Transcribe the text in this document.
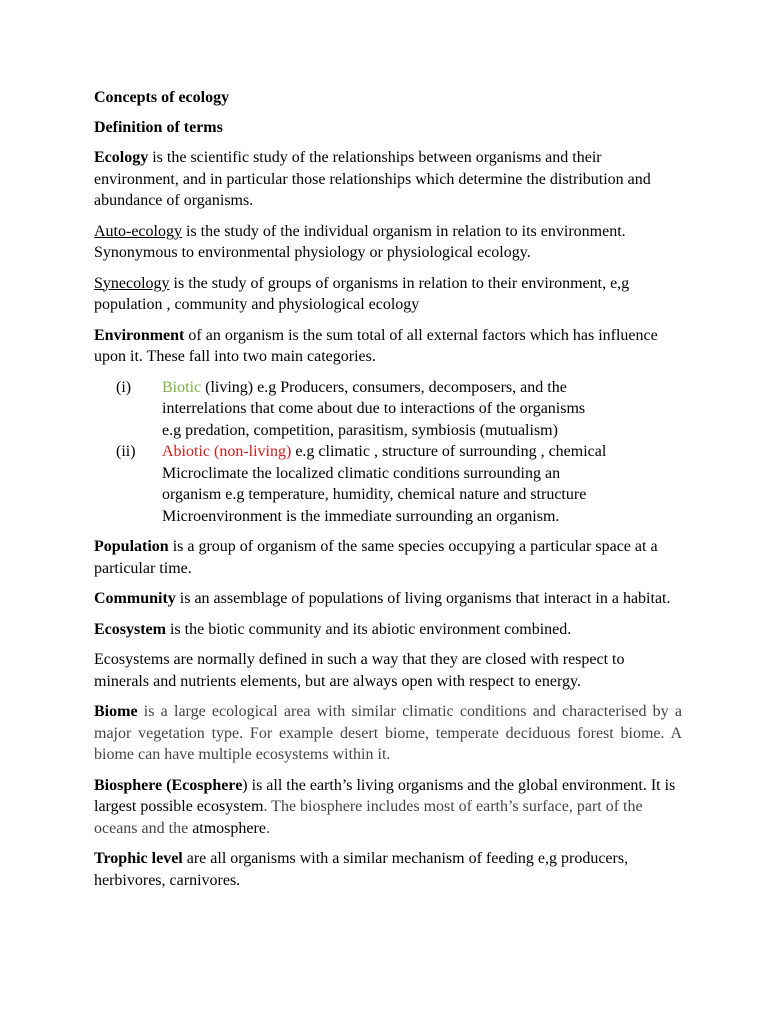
Concepts of ecology

Definition of terms

Ecology is the scientific study of the relationships between organisms and their environment, and in particular those relationships which determine the distribution and abundance of organisms.

Auto-ecology is the study of the individual organism in relation to its environment. Synonymous to environmental physiology or physiological ecology.

Synecology is the study of groups of organisms in relation to their environment, e,g population , community and physiological ecology

Environment of an organism is the sum total of all external factors which has influence upon it. These fall into two main categories.

(i) Biotic (living) e.g Producers, consumers, decomposers, and the
interrelations that come about due to interactions of the organisms
e.g predation, competition, parasitism, symbiosis (mutualism)
(ii) Abiotic (non-living) e.g climatic , structure of surrounding , chemical
Microclimate the localized climatic conditions surrounding an
organism e.g temperature, humidity, chemical nature and structure
Microenvironment is the immediate surrounding an organism.

Population is a group of organism of the same species occupying a particular space at a particular time.

Community is an assemblage of populations of living organisms that interact in a habitat.

Ecosystem is the biotic community and its abiotic environment combined.

Ecosystems are normally defined in such a way that they are closed with respect to minerals and nutrients elements, but are always open with respect to energy.

Biome is a large ecological area with similar climatic conditions and characterised by a major vegetation type. For example desert biome, temperate deciduous forest biome. A biome can have multiple ecosystems within it.

Biosphere (Ecosphere) is all the earth’s living organisms and the global environment. It is largest possible ecosystem. The biosphere includes most of earth’s surface, part of the oceans and the atmosphere.

Trophic level are all organisms with a similar mechanism of feeding e,g producers, herbivores, carnivores.
